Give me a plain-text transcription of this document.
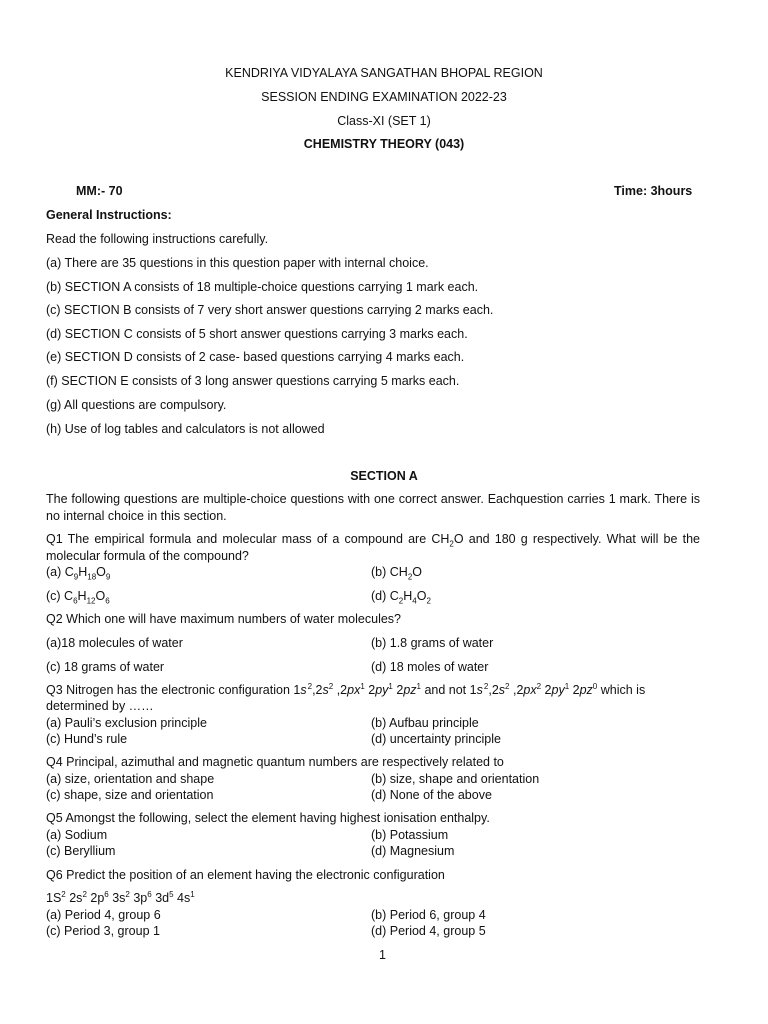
KENDRIYA VIDYALAYA SANGATHAN BHOPAL REGION
SESSION ENDING EXAMINATION 2022-23
Class-XI (SET 1)
CHEMISTRY THEORY (043)
MM:- 70	Time: 3hours
General Instructions:
Read the following instructions carefully.
(a) There are 35 questions in this question paper with internal choice.
(b) SECTION A consists of 18 multiple-choice questions carrying 1 mark each.
(c) SECTION B consists of 7 very short answer questions carrying 2 marks each.
(d) SECTION C consists of 5 short answer questions carrying 3 marks each.
(e) SECTION D consists of 2 case- based questions carrying 4 marks each.
(f) SECTION E consists of 3 long answer questions carrying 5 marks each.
(g) All questions are compulsory.
(h) Use of log tables and calculators is not allowed
SECTION A
The following questions are multiple-choice questions with one correct answer. Eachquestion carries 1 mark. There is no internal choice in this section.
Q1 The empirical formula and molecular mass of a compound are $CH_2O$ and 180 g respectively. What will be the molecular formula of the compound?
(a) $C_9H_{18}O_9$	(b) $CH_2O$
(c) $C_6H_{12}O_6$	(d) $C_2H_4O_2$
Q2 Which one will have maximum numbers of water molecules?
(a)18 molecules of water	(b) 1.8 grams of water
(c) 18 grams of water	(d) 18 moles of water
Q3 Nitrogen has the electronic configuration 1s $^2,2s^2$ $,2px^1$ $2py^1$ $2pz^1$ and not 1s $^2,2s^2$ $,2px^2$ $2py^1$ $2pz^0$ which is
determined by ……
(a) Pauli’s exclusion principle	(b) Aufbau principle
(c) Hund’s rule	(d) uncertainty principle
Q4 Principal, azimuthal and magnetic quantum numbers are respectively related to
(a) size, orientation and shape	(b) size, shape and orientation
(c) shape, size and orientation	(d) None of the above
Q5 Amongst the following, select the element having highest ionisation enthalpy.
(a) Sodium	(b) Potassium
(c) Beryllium	(d) Magnesium
Q6 Predict the position of an element having the electronic configuration
$1S^2$ $2s^2$ $2p^6$ $3s^2$ $3p^6$ $3d^5$ $4s^1$
(a) Period 4, group 6	(b) Period 6, group 4
(c) Period 3, group 1	(d) Period 4, group 5
1
